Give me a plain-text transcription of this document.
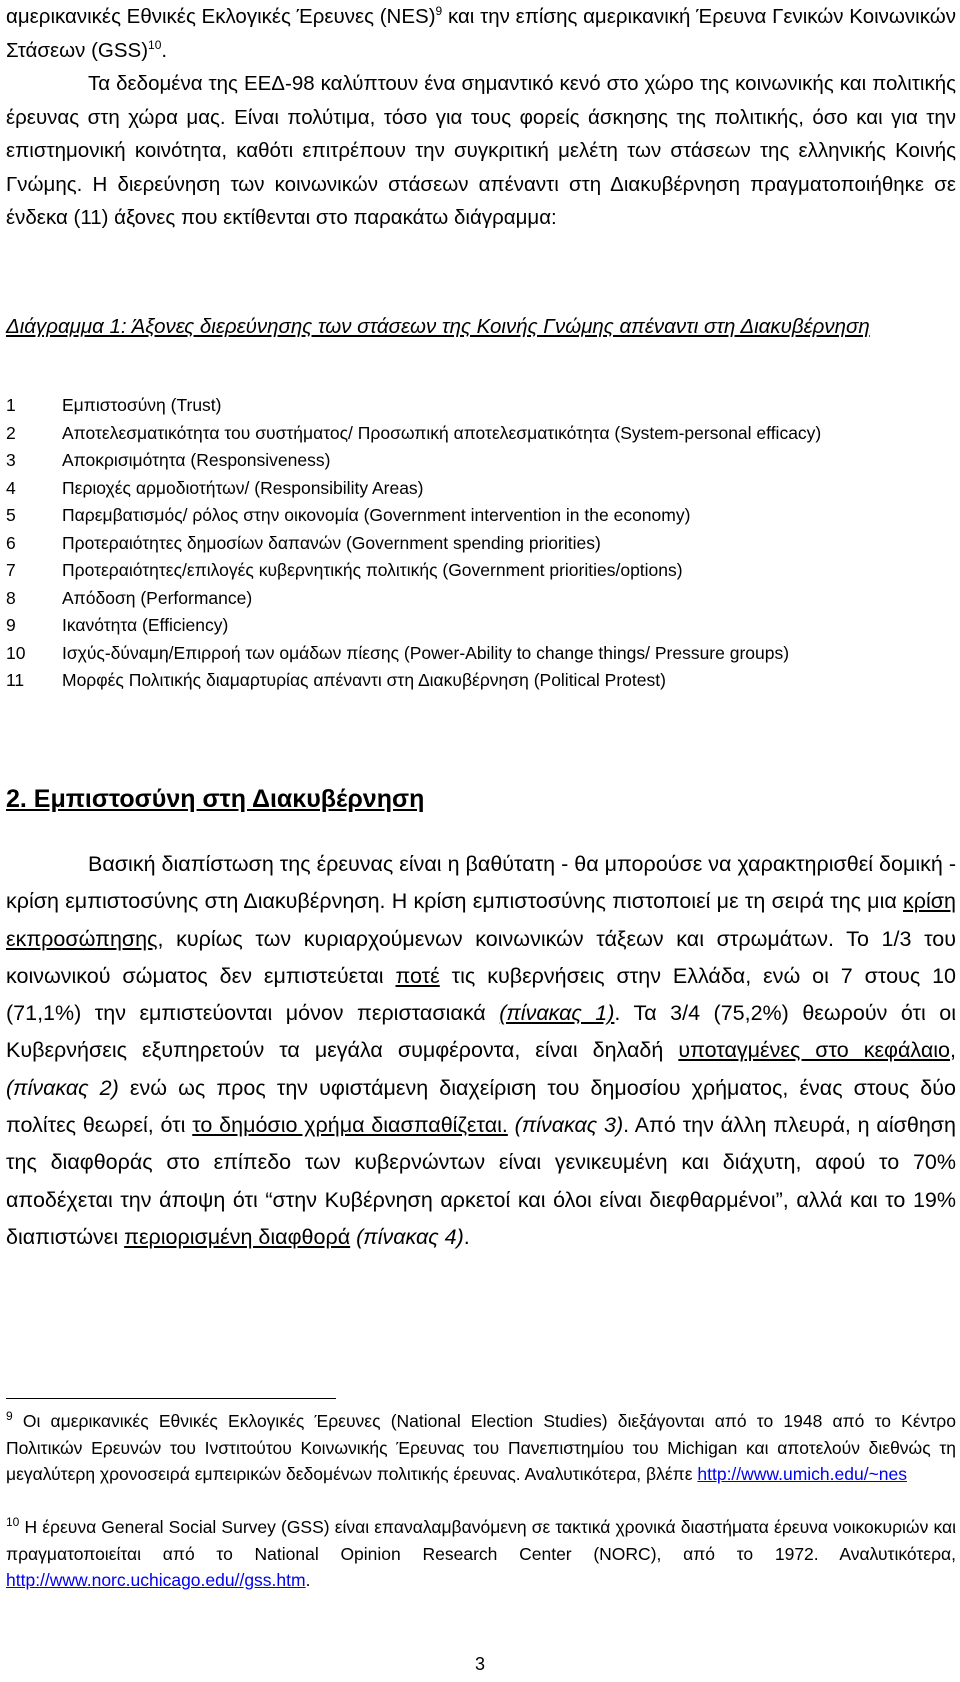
αμερικανικές Εθνικές Εκλογικές Έρευνες (NES)$^9$ και την επίσης αμερικανική Έρευνα Γενικών Κοινωνικών Στάσεων (GSS)$^{10}$.

Τα δεδομένα της ΕΕΔ-98 καλύπτουν ένα σημαντικό κενό στο χώρο της κοινωνικής και πολιτικής έρευνας στη χώρα μας. Είναι πολύτιμα, τόσο για τους φορείς άσκησης της πολιτικής, όσο και για την επιστημονική κοινότητα, καθότι επιτρέπουν την συγκριτική μελέτη των στάσεων της ελληνικής Κοινής Γνώμης. Η διερεύνηση των κοινωνικών στάσεων απέναντι στη Διακυβέρνηση πραγματοποιήθηκε σε ένδεκα (11) άξονες που εκτίθενται στο παρακάτω διάγραμμα:

Διάγραμμα 1: Άξονες διερεύνησης των στάσεων της Κοινής Γνώμης απέναντι στη Διακυβέρνηση

1	Εμπιστοσύνη (Trust)
2	Αποτελεσματικότητα του συστήματος/ Προσωπική αποτελεσματικότητα (System-personal efficacy)
3	Αποκρισιμότητα (Responsiveness)
4	Περιοχές αρμοδιοτήτων/ (Responsibility Areas)
5	Παρεμβατισμός/ ρόλος στην οικονομία (Government intervention in the economy)
6	Προτεραιότητες δημοσίων δαπανών (Government spending priorities)
7	Προτεραιότητες/επιλογές κυβερνητικής πολιτικής (Government priorities/options)
8	Απόδοση (Performance)
9	Ικανότητα (Efficiency)
10	Ισχύς-δύναμη/Επιρροή των ομάδων πίεσης (Power-Ability to change things/ Pressure groups)
11	Μορφές Πολιτικής διαμαρτυρίας απέναντι στη Διακυβέρνηση (Political Protest)
2. Εμπιστοσύνη στη Διακυβέρνηση

Βασική διαπίστωση της έρευνας είναι η βαθύτατη - θα μπορούσε να χαρακτηρισθεί δομική - κρίση εμπιστοσύνης στη Διακυβέρνηση. Η κρίση εμπιστοσύνης πιστοποιεί με τη σειρά της μια κρίση εκπροσώπησης, κυρίως των κυριαρχούμενων κοινωνικών τάξεων και στρωμάτων. Το 1/3 του κοινωνικού σώματος δεν εμπιστεύεται ποτέ τις κυβερνήσεις στην Ελλάδα, ενώ οι 7 στους 10 (71,1%) την εμπιστεύονται μόνον περιστασιακά (πίνακας 1). Τα 3/4 (75,2%) θεωρούν ότι οι Κυβερνήσεις εξυπηρετούν τα μεγάλα συμφέροντα, είναι δηλαδή υποταγμένες στο κεφάλαιο, (πίνακας 2) ενώ ως προς την υφιστάμενη διαχείριση του δημοσίου χρήματος, ένας στους δύο πολίτες θεωρεί, ότι το δημόσιο χρήμα διασπαθίζεται. (πίνακας 3). Από την άλλη πλευρά, η αίσθηση της διαφθοράς στο επίπεδο των κυβερνώντων είναι γενικευμένη και διάχυτη, αφού το 70% αποδέχεται την άποψη ότι “στην Κυβέρνηση αρκετοί και όλοι είναι διεφθαρμένοι”, αλλά και το 19% διαπιστώνει περιορισμένη διαφθορά (πίνακας 4).

$^9$ Οι αμερικανικές Εθνικές Εκλογικές Έρευνες (National Election Studies) διεξάγονται από το 1948 από το Κέντρο Πολιτικών Ερευνών του Ινστιτούτου Κοινωνικής Έρευνας του Πανεπιστημίου του Michigan και αποτελούν διεθνώς τη μεγαλύτερη χρονοσειρά εμπειρικών δεδομένων πολιτικής έρευνας. Αναλυτικότερα, βλέπε http://www.umich.edu/~nes

$^{10}$ Η έρευνα General Social Survey (GSS) είναι επαναλαμβανόμενη σε τακτικά χρονικά διαστήματα έρευνα νοικοκυριών και πραγματοποιείται από το National Opinion Research Center (NORC), από το 1972. Αναλυτικότερα, http://www.norc.uchicago.edu//gss.htm.

3
